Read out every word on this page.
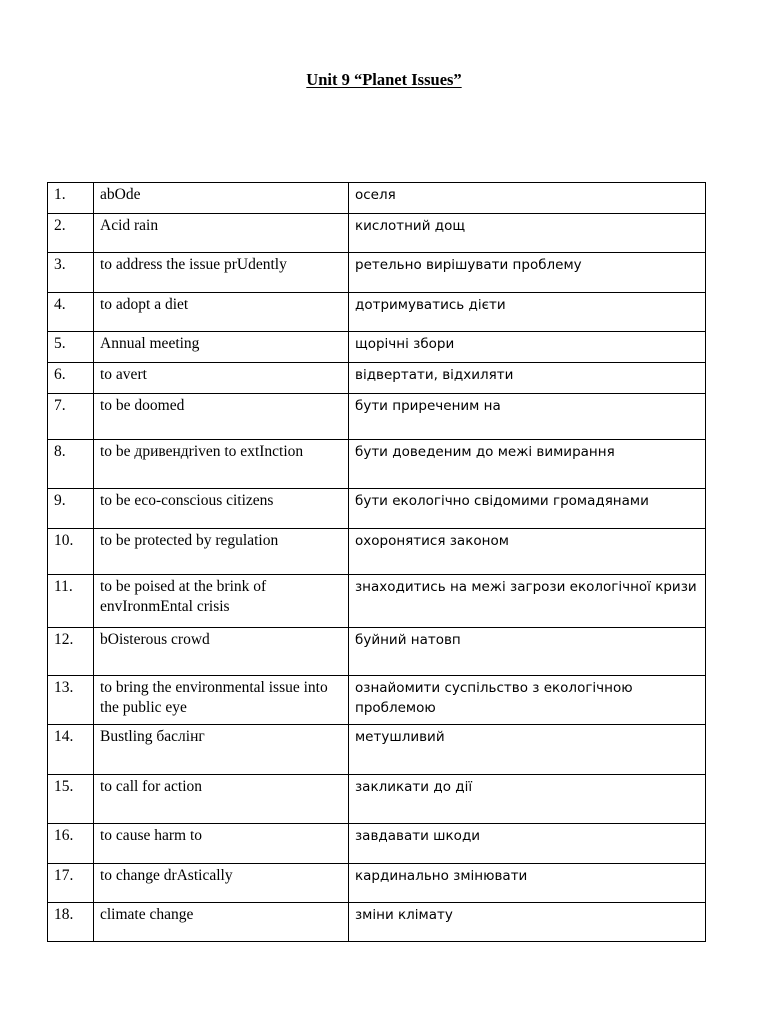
Unit 9 “Planet Issues”
1.	abOde	оселя
2.	Acid rain	кислотний дощ
3.	to address the issue prUdently	ретельно вирішувати проблему
4.	to adopt a diet	дотримуватись дієти
5.	Annual meeting	щорічні збори
6.	to avert	відвертати, відхиляти
7.	to be doomed	бути приреченим на
8.	to be дривендriven to extInction	бути доведеним до межі вимирання
9.	to be eco-conscious citizens	бути екологічно свідомими громадянами
10.	to be protected by regulation	охоронятися законом
11.	to be poised at the brink of envIronmEntal crisis	знаходитись на межі загрози екологічної кризи
12.	bOisterous crowd	буйний натовп
13.	to bring the environmental issue into the public eye	ознайомити суспільство з екологічною проблемою
14.	Bustling баслінг	метушливий
15.	to call for action	закликати до дії
16.	to cause harm to	завдавати шкоди
17.	to change drAstically	кардинально змінювати
18.	climate change	зміни клімату
